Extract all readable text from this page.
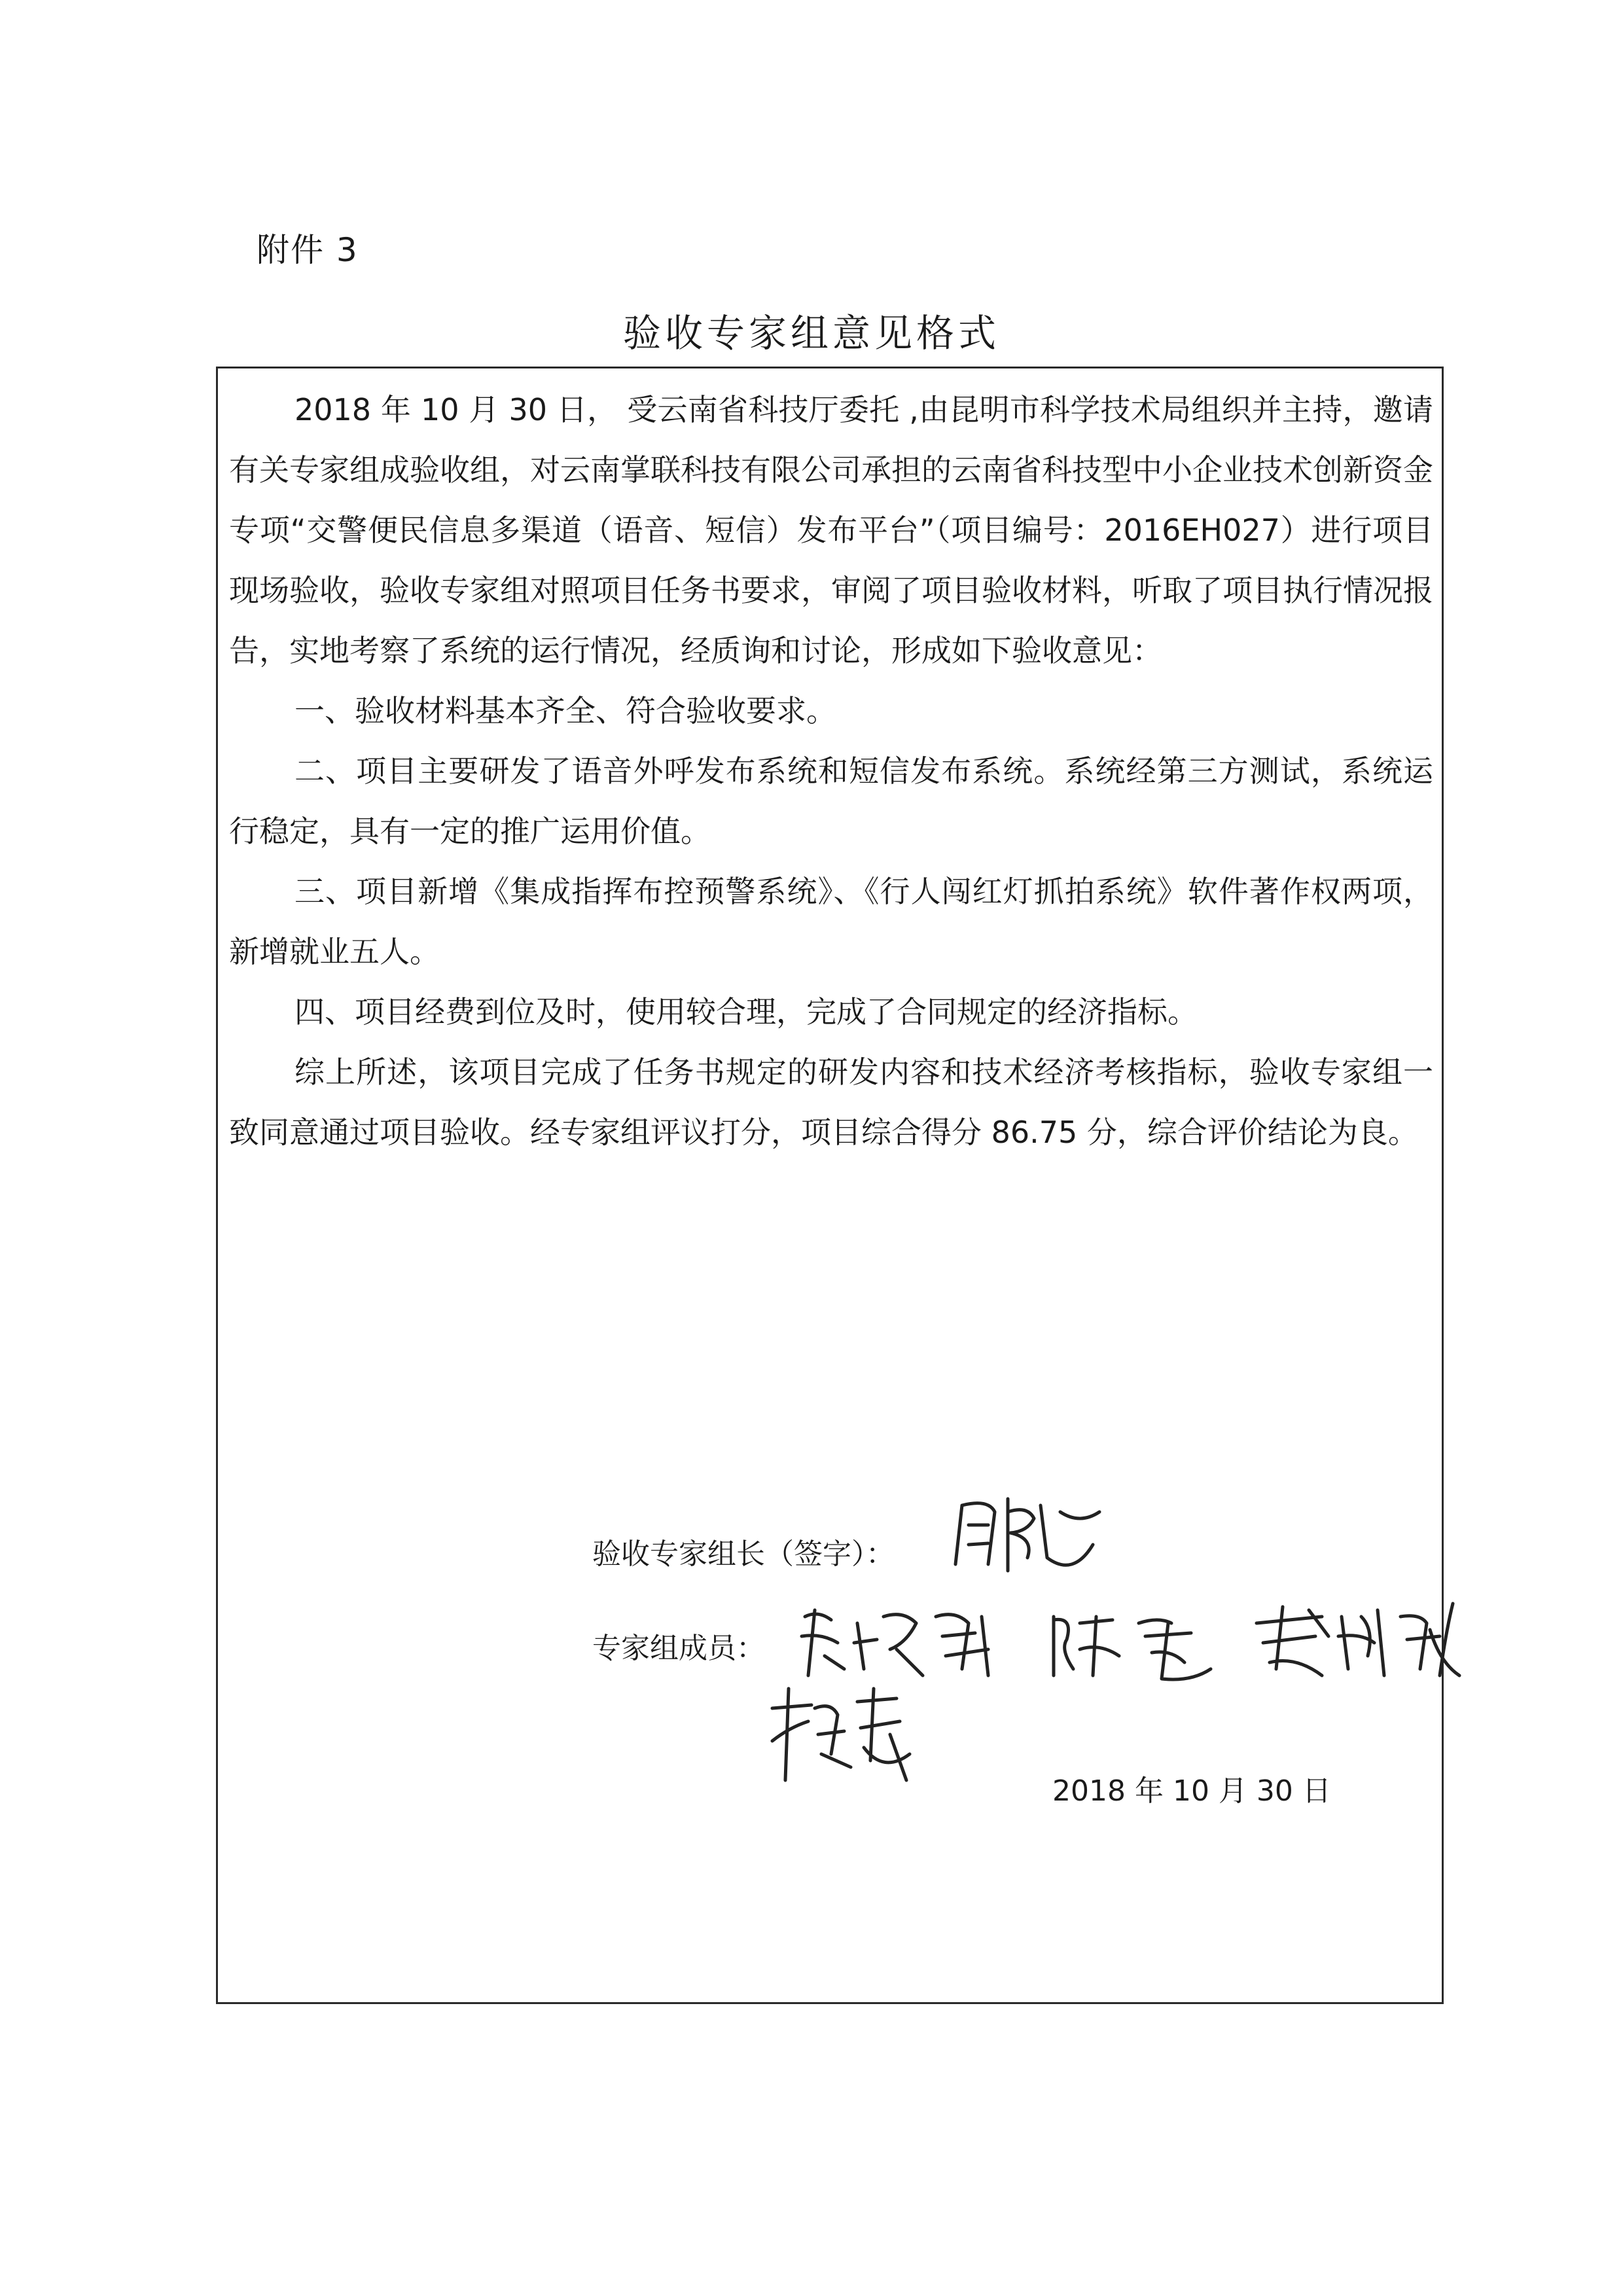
附件 3
验收专家组意见格式

2018 年 10 月 30 日， 受云南省科技厅委托 ,由昆明市科学技术局组织并主持，邀请有关专家组成验收组，对云南掌联科技有限公司承担的云南省科技型中小企业技术创新资金专项“交警便民信息多渠道（语音、短信）发布平台”（项目编号：2016EH027）进行项目现场验收，验收专家组对照项目任务书要求，审阅了项目验收材料，听取了项目执行情况报告，实地考察了系统的运行情况，经质询和讨论，形成如下验收意见：

一、验收材料基本齐全、符合验收要求。

二、项目主要研发了语音外呼发布系统和短信发布系统。系统经第三方测试，系统运行稳定，具有一定的推广运用价值。

三、项目新增《集成指挥布控预警系统》、《行人闯红灯抓拍系统》软件著作权两项，新增就业五人。

四、项目经费到位及时，使用较合理，完成了合同规定的经济指标。

综上所述，该项目完成了任务书规定的研发内容和技术经济考核指标，验收专家组一致同意通过项目验收。经专家组评议打分，项目综合得分 86.75 分，综合评价结论为良。

验收专家组长（签字）：
专家组成员：
2018 年 10 月 30 日
